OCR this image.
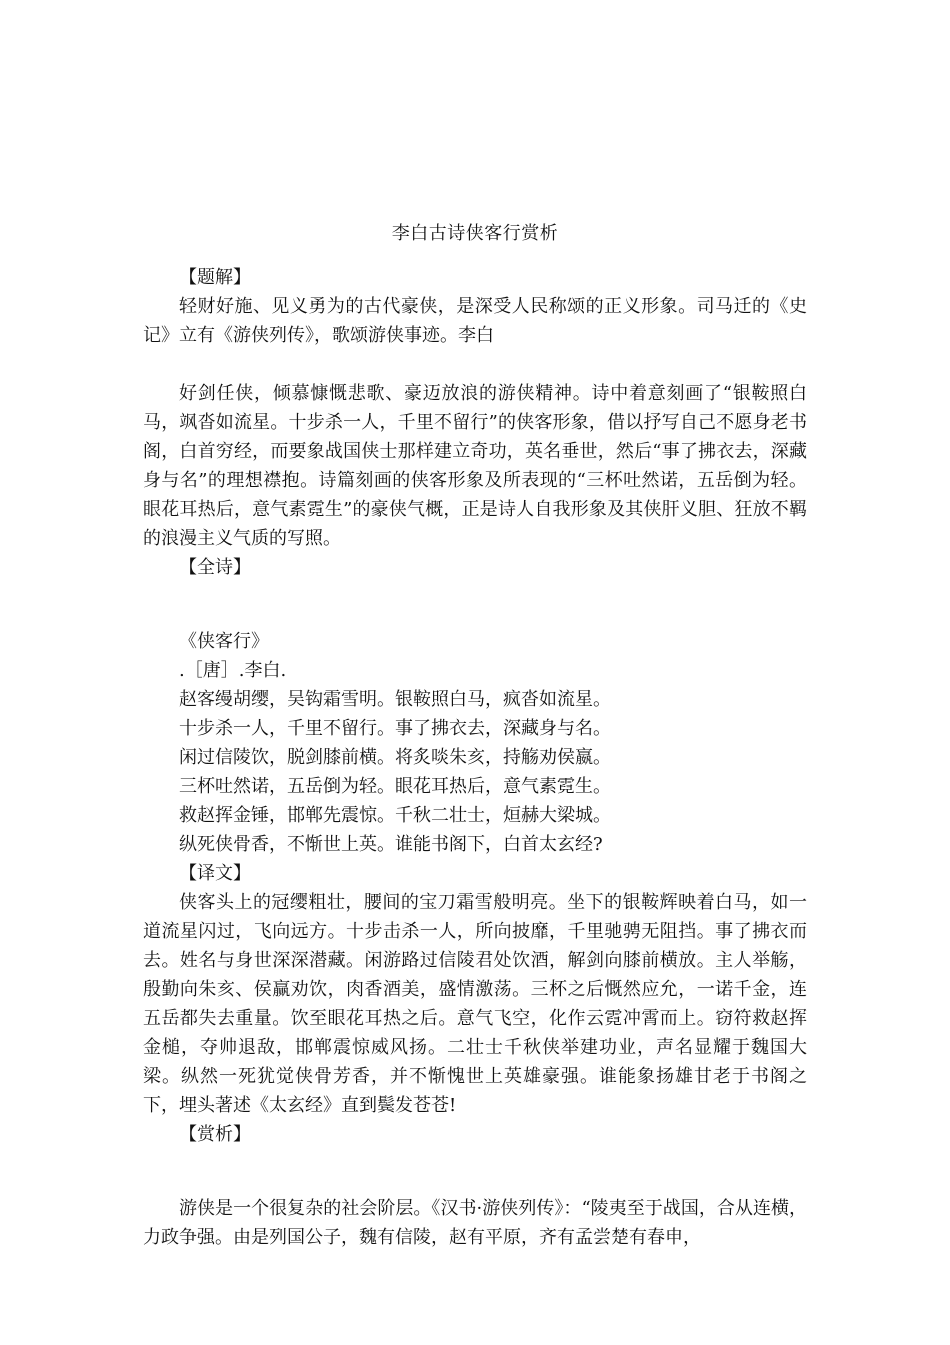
李白古诗侠客行赏析

【题解】

轻财好施、见义勇为的古代豪侠，是深受人民称颂的正义形象。司马迁的《史记》立有《游侠列传》，歌颂游侠事迹。李白

好剑任侠，倾慕慷慨悲歌、豪迈放浪的游侠精神。诗中着意刻画了“银鞍照白马，飒沓如流星。十步杀一人，千里不留行”的侠客形象，借以抒写自己不愿身老书阁，白首穷经，而要象战国侠士那样建立奇功，英名垂世，然后“事了拂衣去，深藏身与名”的理想襟抱。诗篇刻画的侠客形象及所表现的“三杯吐然诺，五岳倒为轻。眼花耳热后，意气素霓生”的豪侠气概，正是诗人自我形象及其侠肝义胆、狂放不羁的浪漫主义气质的写照。

【全诗】

《侠客行》

.［唐］.李白.

赵客缦胡缨，吴钩霜雪明。银鞍照白马，疯沓如流星。

十步杀一人，千里不留行。事了拂衣去，深藏身与名。

闲过信陵饮，脱剑膝前横。将炙啖朱亥，持觞劝侯嬴。

三杯吐然诺，五岳倒为轻。眼花耳热后，意气素霓生。

救赵挥金锤，邯郸先震惊。千秋二壮士，烜赫大梁城。

纵死侠骨香，不惭世上英。谁能书阁下，白首太玄经?

【译文】

侠客头上的冠缨粗壮，腰间的宝刀霜雪般明亮。坐下的银鞍辉映着白马，如一道流星闪过，飞向远方。十步击杀一人，所向披靡，千里驰骋无阻挡。事了拂衣而去。姓名与身世深深潜藏。闲游路过信陵君处饮酒，解剑向膝前横放。主人举觞，殷勤向朱亥、侯赢劝饮，肉香酒美，盛情激荡。三杯之后慨然应允，一诺千金，连五岳都失去重量。饮至眼花耳热之后。意气飞空，化作云霓冲霄而上。窃符救赵挥金槌，夺帅退敌，邯郸震惊威风扬。二壮士千秋侠举建功业，声名显耀于魏国大梁。纵然一死犹觉侠骨芳香，并不惭愧世上英雄豪强。谁能象扬雄甘老于书阁之下，埋头著述《太玄经》直到鬓发苍苍!

【赏析】

游侠是一个很复杂的社会阶层。《汉书·游侠列传》：“陵夷至于战国，合从连横，力政争强。由是列国公子，魏有信陵，赵有平原，齐有孟尝楚有春申，
